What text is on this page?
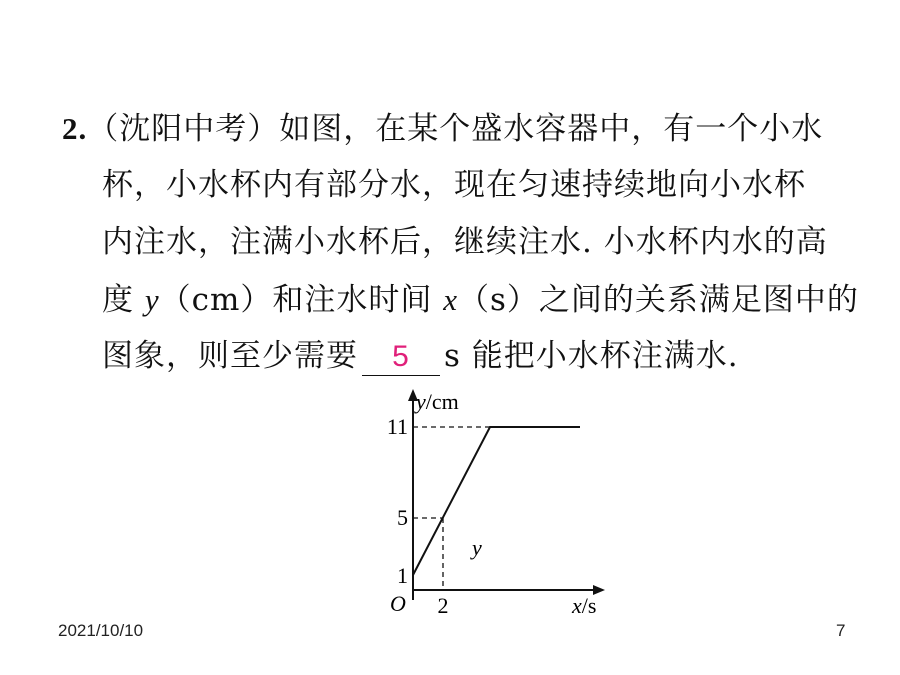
2.（沈阳中考）如图，在某个盛水容器中，有一个小水
杯，小水杯内有部分水，现在匀速持续地向小水杯
内注水，注满小水杯后，继续注水. 小水杯内水的高
度 y（cm）和注水时间 x（s）之间的关系满足图中的
图象，则至少需要 5 s 能把小水杯注满水.
y/cm
11
5
1
O 2
y
x/s
2021/10/10	7
